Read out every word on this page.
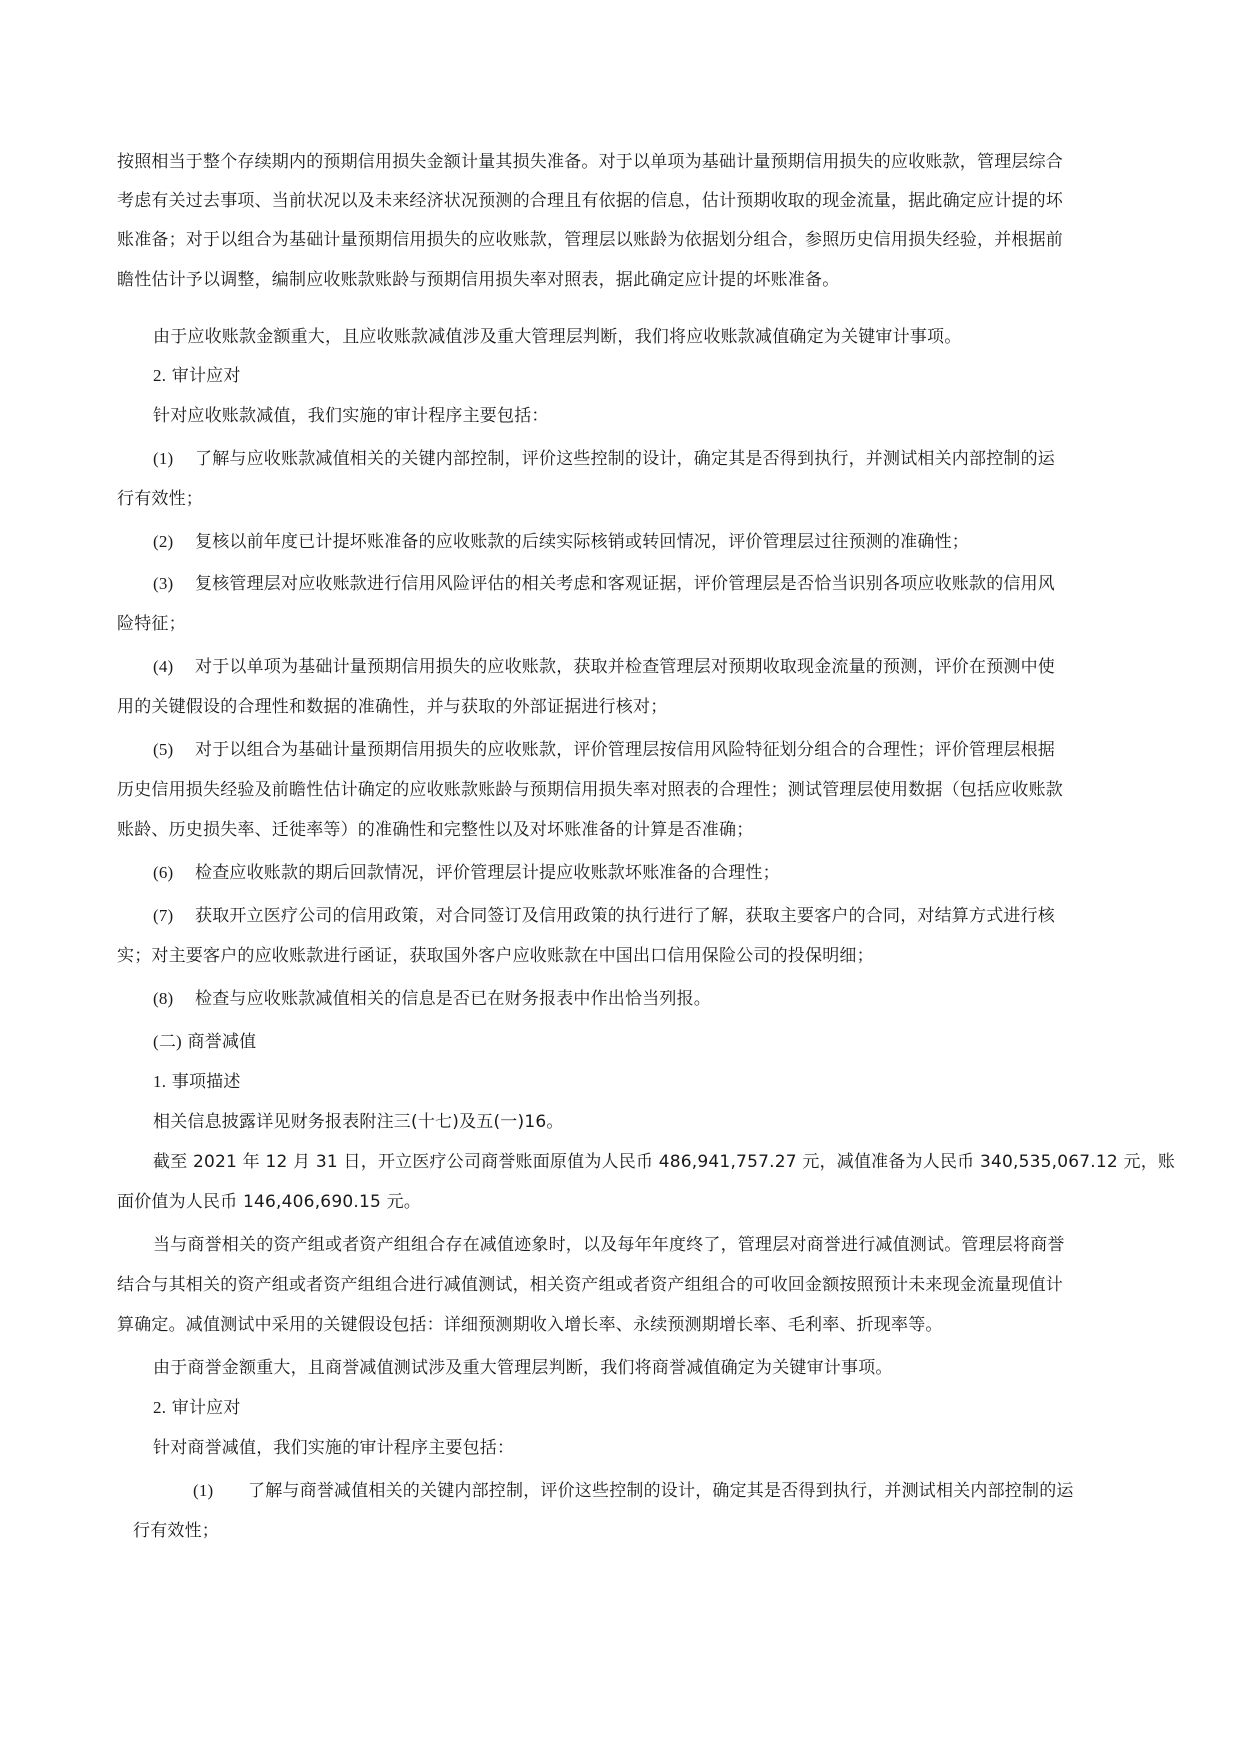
按照相当于整个存续期内的预期信用损失金额计量其损失准备。对于以单项为基础计量预期信用损失的应收账款，管理层综合
考虑有关过去事项、当前状况以及未来经济状况预测的合理且有依据的信息，估计预期收取的现金流量，据此确定应计提的坏
账准备；对于以组合为基础计量预期信用损失的应收账款，管理层以账龄为依据划分组合，参照历史信用损失经验，并根据前
瞻性估计予以调整，编制应收账款账龄与预期信用损失率对照表，据此确定应计提的坏账准备。
由于应收账款金额重大，且应收账款减值涉及重大管理层判断，我们将应收账款减值确定为关键审计事项。
2. 审计应对
针对应收账款减值，我们实施的审计程序主要包括：
(1) 了解与应收账款减值相关的关键内部控制，评价这些控制的设计，确定其是否得到执行，并测试相关内部控制的运
行有效性；
(2) 复核以前年度已计提坏账准备的应收账款的后续实际核销或转回情况，评价管理层过往预测的准确性；
(3) 复核管理层对应收账款进行信用风险评估的相关考虑和客观证据，评价管理层是否恰当识别各项应收账款的信用风
险特征；
(4) 对于以单项为基础计量预期信用损失的应收账款，获取并检查管理层对预期收取现金流量的预测，评价在预测中使
用的关键假设的合理性和数据的准确性，并与获取的外部证据进行核对；
(5) 对于以组合为基础计量预期信用损失的应收账款，评价管理层按信用风险特征划分组合的合理性；评价管理层根据
历史信用损失经验及前瞻性估计确定的应收账款账龄与预期信用损失率对照表的合理性；测试管理层使用数据（包括应收账款
账龄、历史损失率、迁徙率等）的准确性和完整性以及对坏账准备的计算是否准确；
(6) 检查应收账款的期后回款情况，评价管理层计提应收账款坏账准备的合理性；
(7) 获取开立医疗公司的信用政策，对合同签订及信用政策的执行进行了解，获取主要客户的合同，对结算方式进行核
实；对主要客户的应收账款进行函证，获取国外客户应收账款在中国出口信用保险公司的投保明细；
(8) 检查与应收账款减值相关的信息是否已在财务报表中作出恰当列报。
(二) 商誉减值
1. 事项描述
相关信息披露详见财务报表附注三(十七)及五(一)16。
截至 2021 年 12 月 31 日，开立医疗公司商誉账面原值为人民币 486,941,757.27 元，减值准备为人民币 340,535,067.12 元，账
面价值为人民币 146,406,690.15 元。
当与商誉相关的资产组或者资产组组合存在减值迹象时，以及每年年度终了，管理层对商誉进行减值测试。管理层将商誉
结合与其相关的资产组或者资产组组合进行减值测试，相关资产组或者资产组组合的可收回金额按照预计未来现金流量现值计
算确定。减值测试中采用的关键假设包括：详细预测期收入增长率、永续预测期增长率、毛利率、折现率等。
由于商誉金额重大，且商誉减值测试涉及重大管理层判断，我们将商誉减值确定为关键审计事项。
2. 审计应对
针对商誉减值，我们实施的审计程序主要包括：
(1) 了解与商誉减值相关的关键内部控制，评价这些控制的设计，确定其是否得到执行，并测试相关内部控制的运
行有效性；
